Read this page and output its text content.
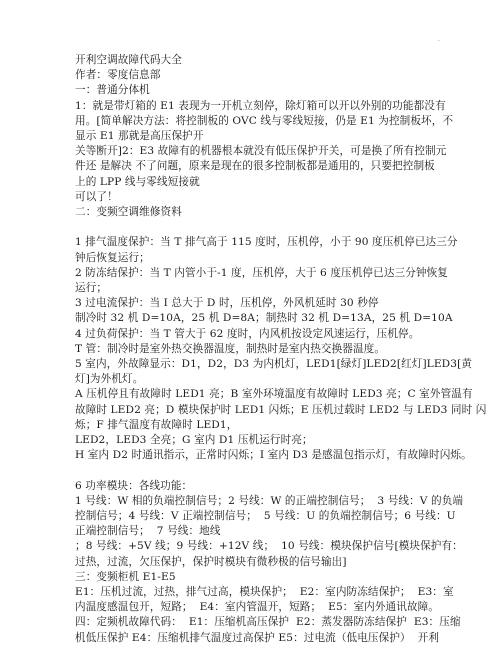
·
开利空调故障代码大全
作者：零度信息部
一：普通分体机
1：就是带灯箱的 E1 表现为一开机立刻停，除灯箱可以开以外别的功能都没有
用。[简单解决方法：将控制板的 OVC 线与零线短接，仍是 E1 为控制板坏，不
显示 E1 那就是高压保护开
关等断开]2：E3 故障有的机器根本就没有低压保护开关，可是换了所有控制元
件还 是解决 不了问题，原来是现在的很多控制板都是通用的，只要把控制板
上的 LPP 线与零线短接就
可以了！
二：变频空调维修资料
1 排气温度保护：当 T 排气高于 115 度时，压机停，小于 90 度压机停已达三分
钟后恢复运行；
2 防冻结保护：当 T 内管小于-1 度，压机停，大于 6 度压机停已达三分钟恢复
运行；
3 过电流保护：当 I 总大于 D 时，压机停，外风机延时 30 秒停
制冷时 32 机 D=10A，25 机 D=8A；制热时 32 机 D=13A，25 机 D=10A
4 过负荷保护：当 T 管大于 62 度时，内风机按设定风速运行，压机停。
T 管：制冷时是室外热交换器温度，制热时是室内热交换器温度。
5 室内，外故障显示：D1，D2，D3 为内机灯，LED1[绿灯]LED2[红灯]LED3[黄
灯]为外机灯。
A 压机停且有故障时 LED1 亮；B 室外环境温度有故障时 LED3 亮；C 室外管温有
故障时 LED2 亮；D 模块保护时 LED1 闪烁；E 压机过载时 LED2 与 LED3 同时 闪
烁；F 排气温度有故障时 LED1，
LED2，LED3 全亮；G 室内 D1 压机运行时亮；
H 室内 D2 时通讯指示，正常时闪烁；I 室内 D3 是感温包指示灯，有故障时闪烁。
6 功率模块：各线功能：
1 号线：W 相的负端控制信号；2 号线：W 的正端控制信号；  3 号线：V 的负端
控制信号；4 号线：V 正端控制信号；  5 号线：U 的负端控制信号；6 号线：U
正端控制信号；  7 号线：地线
；8 号线：+5V 线；9 号线：+12V 线；  10 号线：模块保护信号[模块保护有：
过热，过流，欠压保护，保护时模块有微秒极的信号输出]
三：变频柜机 E1-E5
E1：压机过流，过热，排气过高，模块保护；  E2：室内防冻结保护；  E3：室
内温度感温包开，短路；  E4：室内管温开，短路；  E5：室内外通讯故障。
四：定频机故障代码：  E1：压缩机高压保护  E2：蒸发器防冻结保护  E3：压缩
机低压保护 E4：压缩机排气温度过高保护 E5：过电流（低电压保护）  开利
